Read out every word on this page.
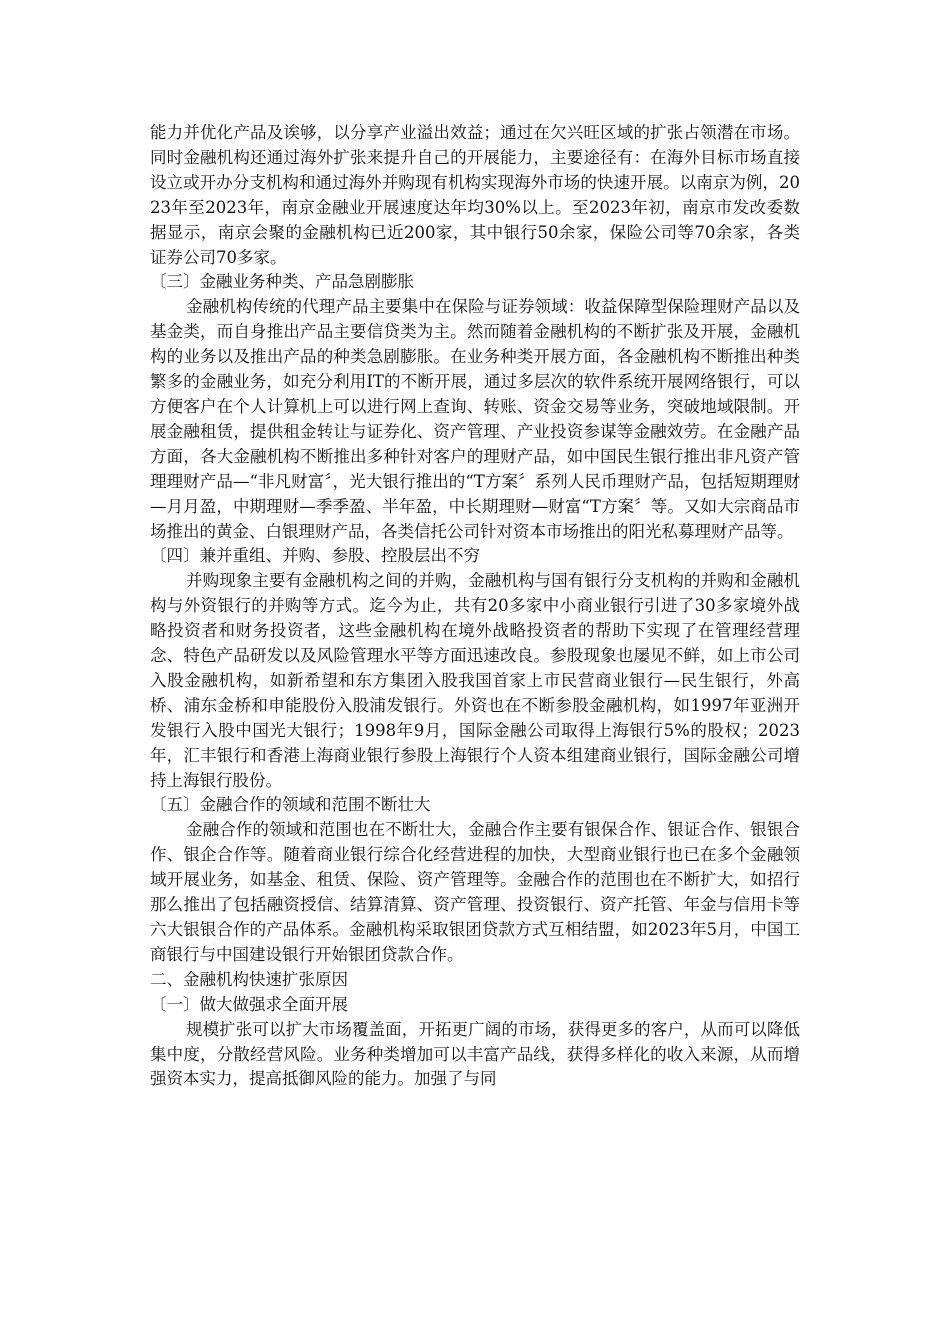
能力并优化产品及诶够，以分享产业溢出效益；通过在欠兴旺区域的扩张占领潜在市场。同时金融机构还通过海外扩张来提升自己的开展能力，主要途径有：在海外目标市场直接设立或开办分支机构和通过海外并购现有机构实现海外市场的快速开展。以南京为例，2023年至2023年，南京金融业开展速度达年均30%以上。至2023年初，南京市发改委数据显示，南京会聚的金融机构已近200家，其中银行50余家，保险公司等70余家，各类证券公司70多家。

〔三〕金融业务种类、产品急剧膨胀

金融机构传统的代理产品主要集中在保险与证券领域：收益保障型保险理财产品以及基金类，而自身推出产品主要信贷类为主。然而随着金融机构的不断扩张及开展，金融机构的业务以及推出产品的种类急剧膨胀。在业务种类开展方面，各金融机构不断推出种类繁多的金融业务，如充分利用IT的不断开展，通过多层次的软件系统开展网络银行，可以方便客户在个人计算机上可以进行网上查询、转账、资金交易等业务，突破地域限制。开展金融租赁，提供租金转让与证券化、资产管理、产业投资参谋等金融效劳。在金融产品方面，各大金融机构不断推出多种针对客户的理财产品，如中国民生银行推出非凡资产管理理财产品—“非凡财富〞，光大银行推出的“T方案〞系列人民币理财产品，包括短期理财—月月盈，中期理财—季季盈、半年盈，中长期理财—财富“T方案〞等。又如大宗商品市场推出的黄金、白银理财产品，各类信托公司针对资本市场推出的阳光私募理财产品等。

〔四〕兼并重组、并购、参股、控股层出不穷

并购现象主要有金融机构之间的并购，金融机构与国有银行分支机构的并购和金融机构与外资银行的并购等方式。迄今为止，共有20多家中小商业银行引进了30多家境外战略投资者和财务投资者，这些金融机构在境外战略投资者的帮助下实现了在管理经营理念、特色产品研发以及风险管理水平等方面迅速改良。参股现象也屡见不鲜，如上市公司入股金融机构，如新希望和东方集团入股我国首家上市民营商业银行—民生银行，外高桥、浦东金桥和申能股份入股浦发银行。外资也在不断参股金融机构，如1997年亚洲开发银行入股中国光大银行；1998年9月，国际金融公司取得上海银行5%的股权；2023年，汇丰银行和香港上海商业银行参股上海银行个人资本组建商业银行，国际金融公司增持上海银行股份。

〔五〕金融合作的领域和范围不断壮大

金融合作的领域和范围也在不断壮大，金融合作主要有银保合作、银证合作、银银合作、银企合作等。随着商业银行综合化经营进程的加快，大型商业银行也已在多个金融领域开展业务，如基金、租赁、保险、资产管理等。金融合作的范围也在不断扩大，如招行那么推出了包括融资授信、结算清算、资产管理、投资银行、资产托管、年金与信用卡等六大银银合作的产品体系。金融机构采取银团贷款方式互相结盟，如2023年5月，中国工商银行与中国建设银行开始银团贷款合作。

二、金融机构快速扩张原因

〔一〕做大做强求全面开展

规模扩张可以扩大市场覆盖面，开拓更广阔的市场，获得更多的客户，从而可以降低集中度，分散经营风险。业务种类增加可以丰富产品线，获得多样化的收入来源，从而增强资本实力，提高抵御风险的能力。加强了与同
